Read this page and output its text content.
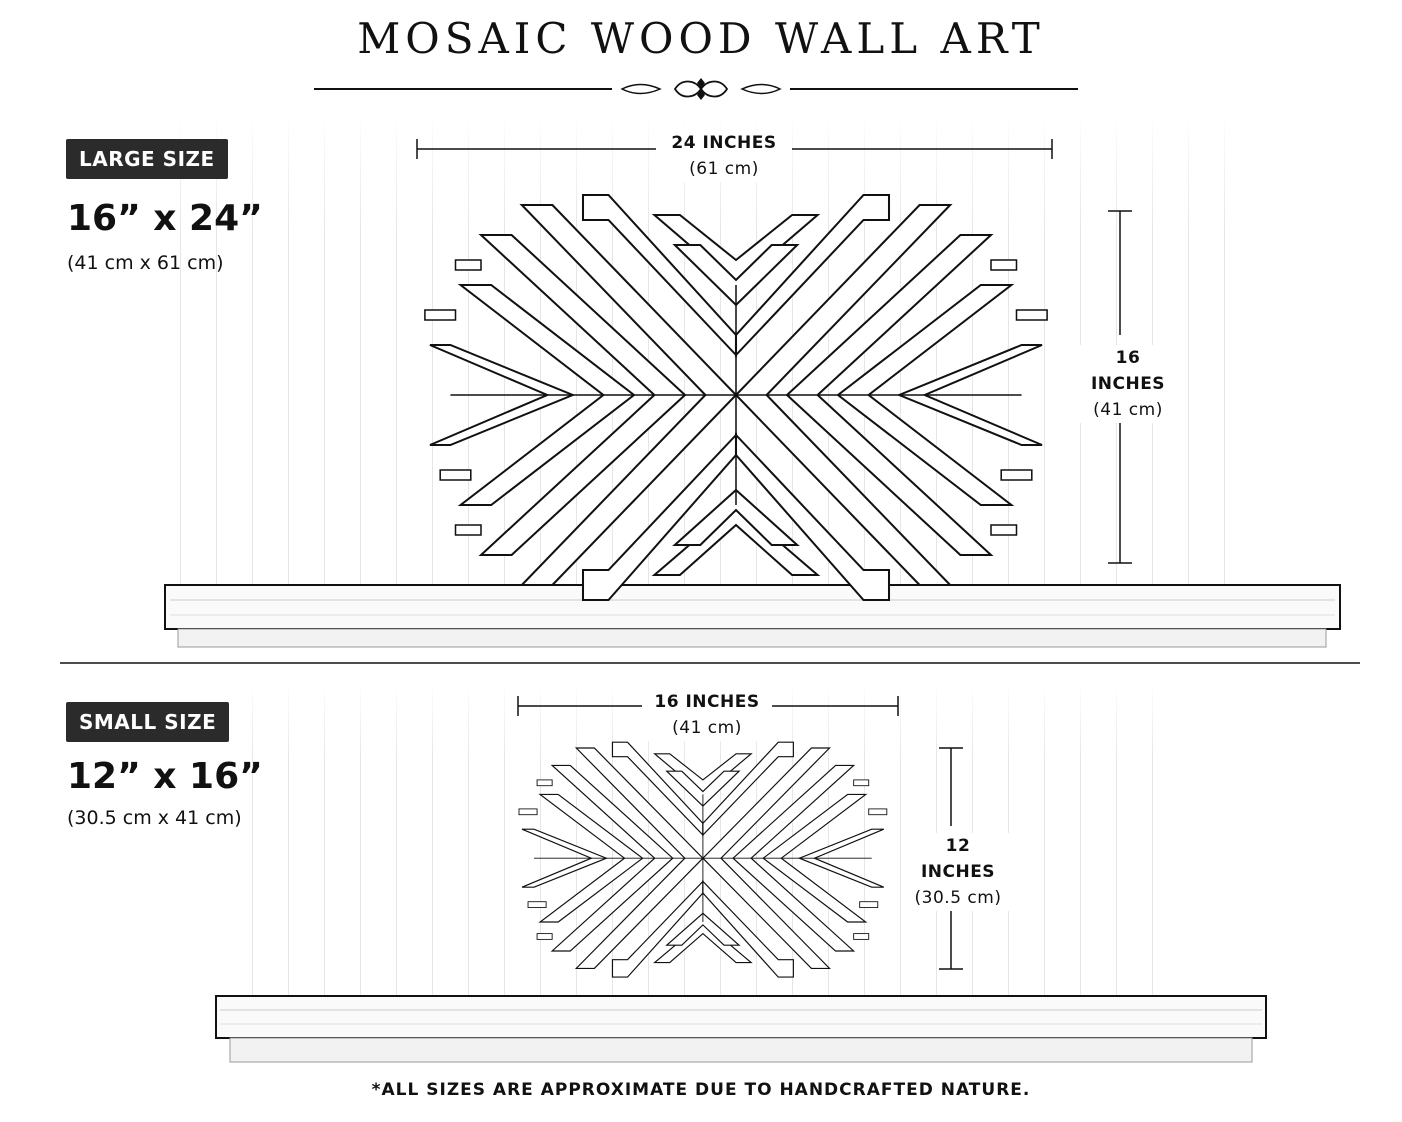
MOSAIC WOOD WALL ART
LARGE SIZE
16” x 24”
(41 cm x 61 cm)
24 INCHES
(61 cm)
16 INCHES
(41 cm)
SMALL SIZE
12” x 16”
(30.5 cm x 41 cm)
16 INCHES
(41 cm)
12 INCHES
(30.5 cm)
*ALL SIZES ARE APPROXIMATE DUE TO HANDCRAFTED NATURE.
